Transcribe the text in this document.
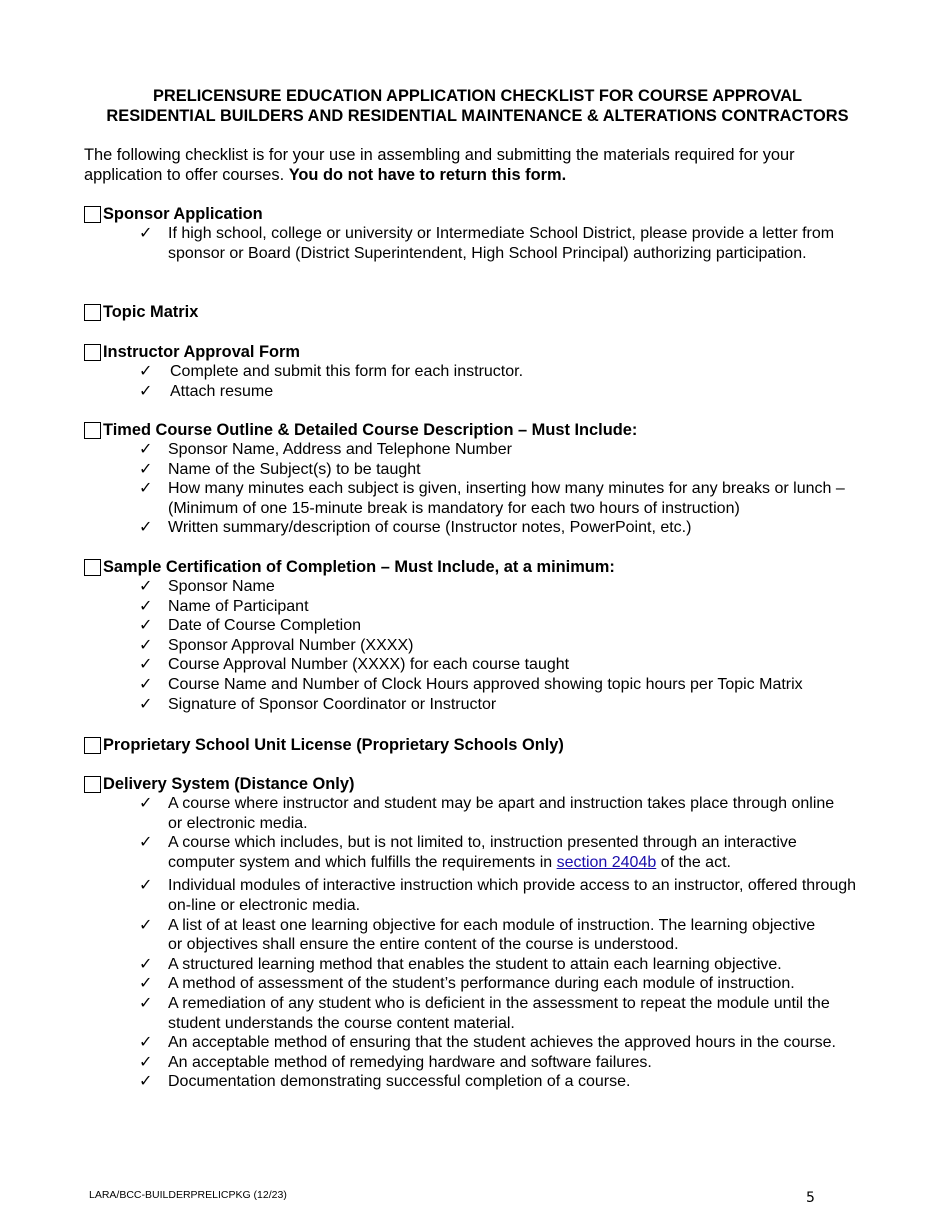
PRELICENSURE EDUCATION APPLICATION CHECKLIST FOR COURSE APPROVAL
RESIDENTIAL BUILDERS AND RESIDENTIAL MAINTENANCE & ALTERATIONS CONTRACTORS
The following checklist is for your use in assembling and submitting the materials required for your application to offer courses. You do not have to return this form.
Sponsor Application
✓ If high school, college or university or Intermediate School District, please provide a letter from sponsor or Board (District Superintendent, High School Principal) authorizing participation.
Topic Matrix
Instructor Approval Form
✓ Complete and submit this form for each instructor.
✓ Attach resume
Timed Course Outline & Detailed Course Description – Must Include:
✓ Sponsor Name, Address and Telephone Number
✓ Name of the Subject(s) to be taught
✓ How many minutes each subject is given, inserting how many minutes for any breaks or lunch – (Minimum of one 15-minute break is mandatory for each two hours of instruction)
✓ Written summary/description of course (Instructor notes, PowerPoint, etc.)
Sample Certification of Completion – Must Include, at a minimum:
✓ Sponsor Name
✓ Name of Participant
✓ Date of Course Completion
✓ Sponsor Approval Number (XXXX)
✓ Course Approval Number (XXXX) for each course taught
✓ Course Name and Number of Clock Hours approved showing topic hours per Topic Matrix
✓ Signature of Sponsor Coordinator or Instructor
Proprietary School Unit License (Proprietary Schools Only)
Delivery System (Distance Only)
✓ A course where instructor and student may be apart and instruction takes place through online or electronic media.
✓ A course which includes, but is not limited to, instruction presented through an interactive computer system and which fulfills the requirements in section 2404b of the act.
✓ Individual modules of interactive instruction which provide access to an instructor, offered through on-line or electronic media.
✓ A list of at least one learning objective for each module of instruction. The learning objective or objectives shall ensure the entire content of the course is understood.
✓ A structured learning method that enables the student to attain each learning objective.
✓ A method of assessment of the student’s performance during each module of instruction.
✓ A remediation of any student who is deficient in the assessment to repeat the module until the student understands the course content material.
✓ An acceptable method of ensuring that the student achieves the approved hours in the course.
✓ An acceptable method of remedying hardware and software failures.
✓ Documentation demonstrating successful completion of a course.
LARA/BCC-BUILDERPRELICPKG (12/23)	5
